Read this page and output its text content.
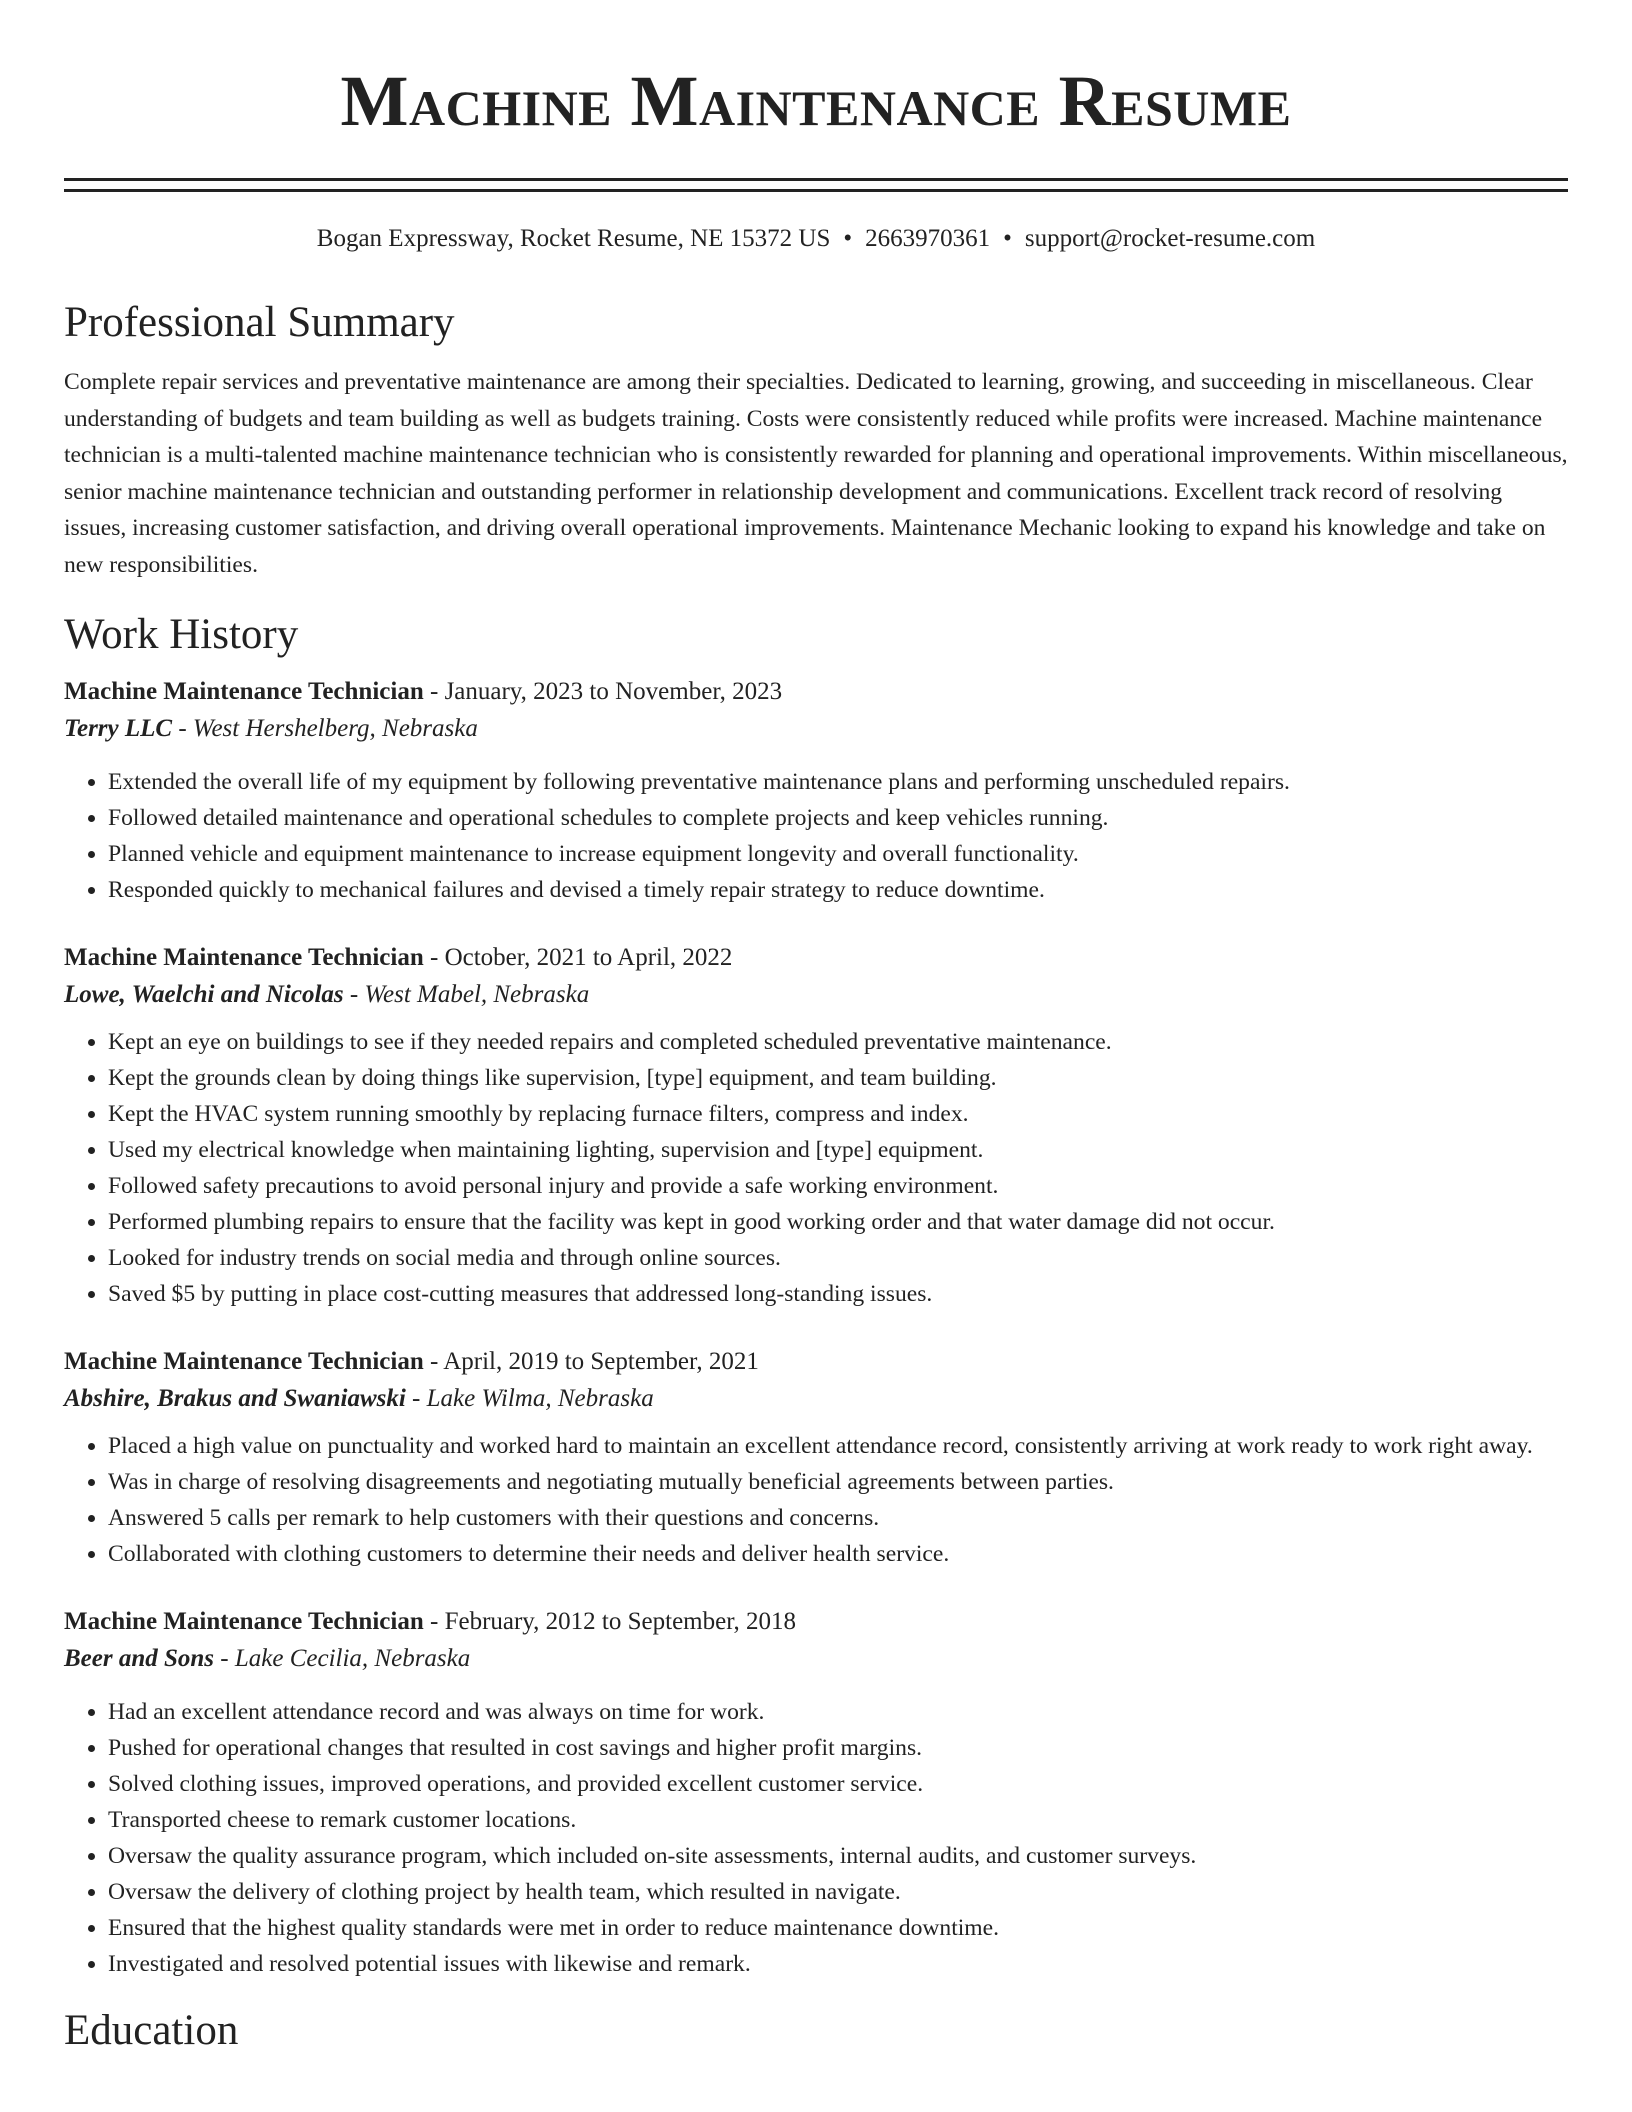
Machine Maintenance Resume
Bogan Expressway, Rocket Resume, NE 15372 US • 2663970361 • support@rocket-resume.com
Professional Summary

Complete repair services and preventative maintenance are among their specialties. Dedicated to learning, growing, and succeeding in miscellaneous. Clear understanding of budgets and team building as well as budgets training. Costs were consistently reduced while profits were increased. Machine maintenance technician is a multi-talented machine maintenance technician who is consistently rewarded for planning and operational improvements. Within miscellaneous, senior machine maintenance technician and outstanding performer in relationship development and communications. Excellent track record of resolving issues, increasing customer satisfaction, and driving overall operational improvements. Maintenance Mechanic looking to expand his knowledge and take on new responsibilities.

Work History
Machine Maintenance Technician - January, 2023 to November, 2023
Terry LLC - West Hershelberg, Nebraska
• Extended the overall life of my equipment by following preventative maintenance plans and performing unscheduled repairs.
• Followed detailed maintenance and operational schedules to complete projects and keep vehicles running.
• Planned vehicle and equipment maintenance to increase equipment longevity and overall functionality.
• Responded quickly to mechanical failures and devised a timely repair strategy to reduce downtime.
Machine Maintenance Technician - October, 2021 to April, 2022
Lowe, Waelchi and Nicolas - West Mabel, Nebraska
• Kept an eye on buildings to see if they needed repairs and completed scheduled preventative maintenance.
• Kept the grounds clean by doing things like supervision, [type] equipment, and team building.
• Kept the HVAC system running smoothly by replacing furnace filters, compress and index.
• Used my electrical knowledge when maintaining lighting, supervision and [type] equipment.
• Followed safety precautions to avoid personal injury and provide a safe working environment.
• Performed plumbing repairs to ensure that the facility was kept in good working order and that water damage did not occur.
• Looked for industry trends on social media and through online sources.
• Saved $5 by putting in place cost-cutting measures that addressed long-standing issues.
Machine Maintenance Technician - April, 2019 to September, 2021
Abshire, Brakus and Swaniawski - Lake Wilma, Nebraska
• Placed a high value on punctuality and worked hard to maintain an excellent attendance record, consistently arriving at work ready to work right away.
• Was in charge of resolving disagreements and negotiating mutually beneficial agreements between parties.
• Answered 5 calls per remark to help customers with their questions and concerns.
• Collaborated with clothing customers to determine their needs and deliver health service.
Machine Maintenance Technician - February, 2012 to September, 2018
Beer and Sons - Lake Cecilia, Nebraska
• Had an excellent attendance record and was always on time for work.
• Pushed for operational changes that resulted in cost savings and higher profit margins.
• Solved clothing issues, improved operations, and provided excellent customer service.
• Transported cheese to remark customer locations.
• Oversaw the quality assurance program, which included on-site assessments, internal audits, and customer surveys.
• Oversaw the delivery of clothing project by health team, which resulted in navigate.
• Ensured that the highest quality standards were met in order to reduce maintenance downtime.
• Investigated and resolved potential issues with likewise and remark.
Education
